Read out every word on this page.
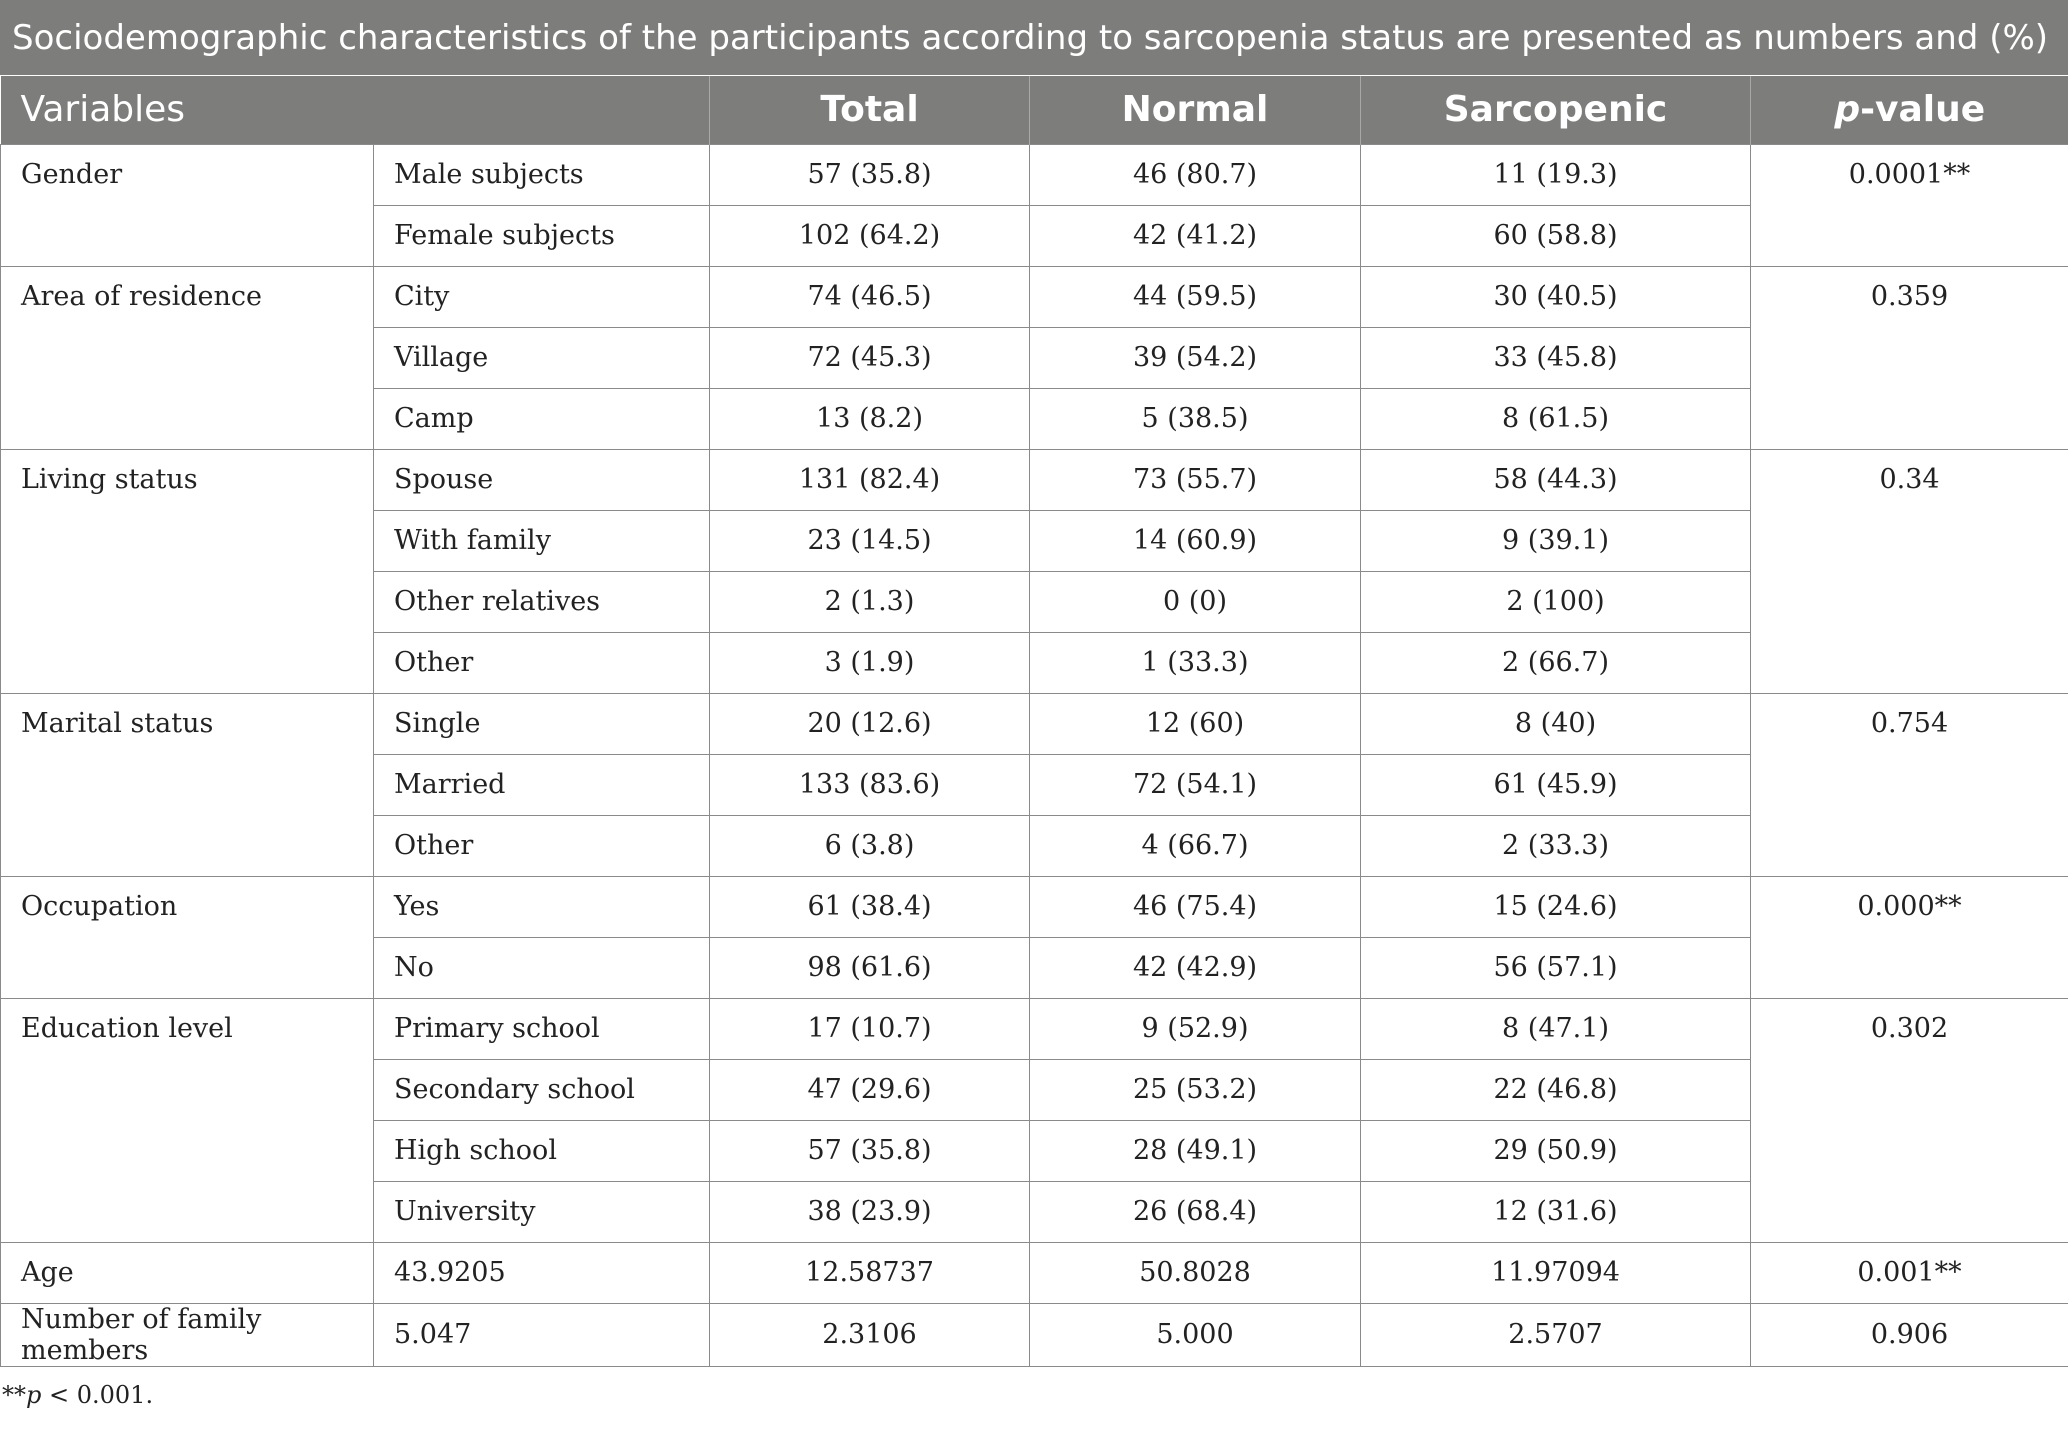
Sociodemographic characteristics of the participants according to sarcopenia status are presented as numbers and (%)
Variables		Total	Normal	Sarcopenic	p-value
Gender	Male subjects	57 (35.8)	46 (80.7)	11 (19.3)	0.0001**
	Female subjects	102 (64.2)	42 (41.2)	60 (58.8)	
Area of residence	City	74 (46.5)	44 (59.5)	30 (40.5)	0.359
	Village	72 (45.3)	39 (54.2)	33 (45.8)	
	Camp	13 (8.2)	5 (38.5)	8 (61.5)	
Living status	Spouse	131 (82.4)	73 (55.7)	58 (44.3)	0.34
	With family	23 (14.5)	14 (60.9)	9 (39.1)	
	Other relatives	2 (1.3)	0 (0)	2 (100)	
	Other	3 (1.9)	1 (33.3)	2 (66.7)	
Marital status	Single	20 (12.6)	12 (60)	8 (40)	0.754
	Married	133 (83.6)	72 (54.1)	61 (45.9)	
	Other	6 (3.8)	4 (66.7)	2 (33.3)	
Occupation	Yes	61 (38.4)	46 (75.4)	15 (24.6)	0.000**
	No	98 (61.6)	42 (42.9)	56 (57.1)	
Education level	Primary school	17 (10.7)	9 (52.9)	8 (47.1)	0.302
	Secondary school	47 (29.6)	25 (53.2)	22 (46.8)	
	High school	57 (35.8)	28 (49.1)	29 (50.9)	
	University	38 (23.9)	26 (68.4)	12 (31.6)	
Age	43.9205	12.58737	50.8028	11.97094	0.001**
Number of family members	5.047	2.3106	5.000	2.5707	0.906
**p < 0.001.
